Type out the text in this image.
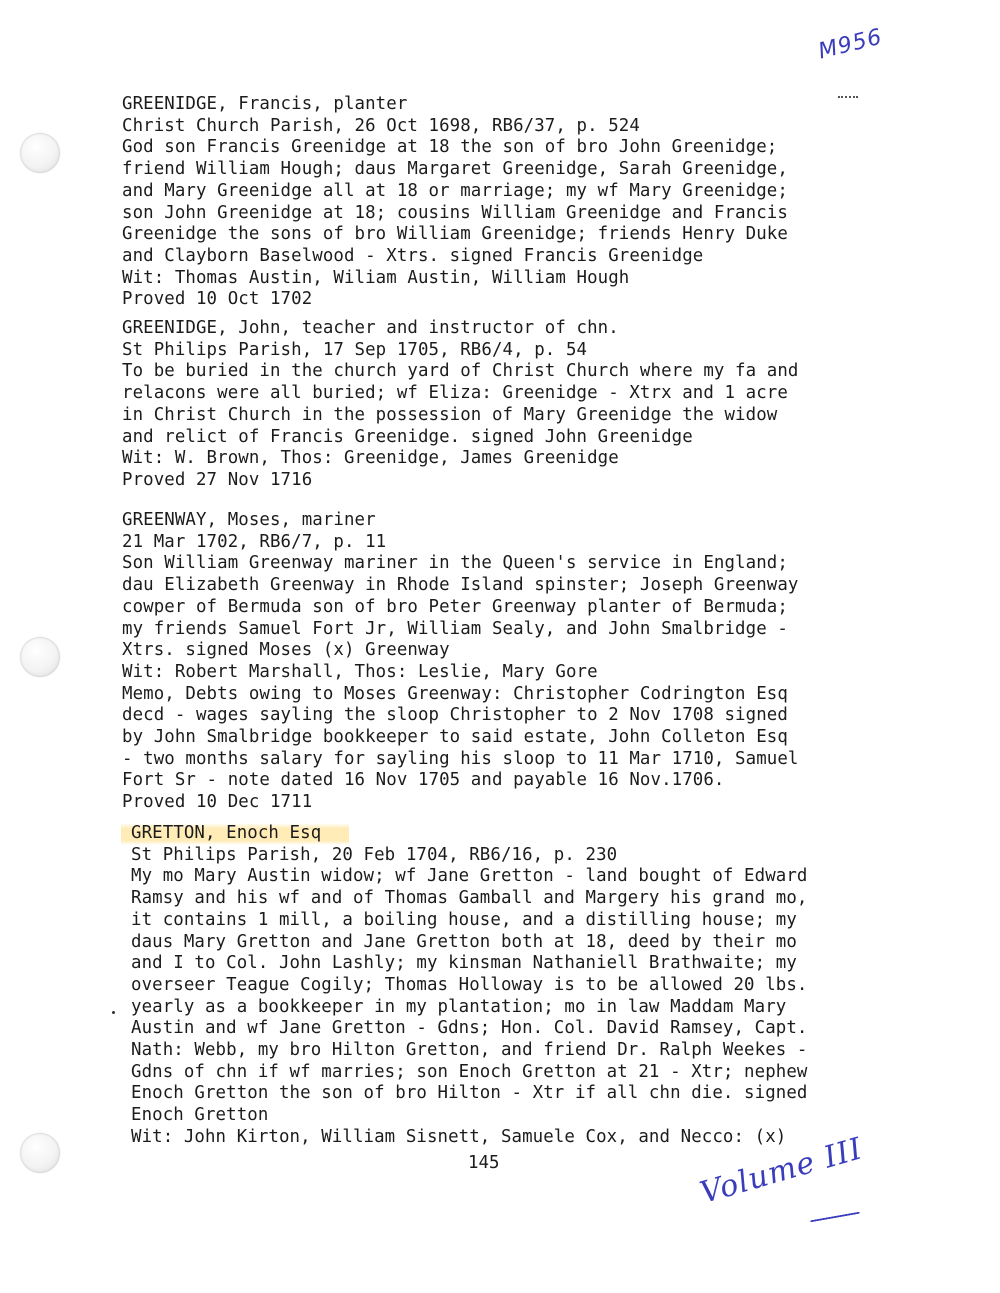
M956
GREENIDGE, Francis, planter
Christ Church Parish, 26 Oct 1698, RB6/37, p. 524
God son Francis Greenidge at 18 the son of bro John Greenidge;
friend William Hough; daus Margaret Greenidge, Sarah Greenidge,
and Mary Greenidge all at 18 or marriage; my wf Mary Greenidge;
son John Greenidge at 18; cousins William Greenidge and Francis
Greenidge the sons of bro William Greenidge; friends Henry Duke
and Clayborn Baselwood - Xtrs. signed Francis Greenidge
Wit: Thomas Austin, Wiliam Austin, William Hough
Proved 10 Oct 1702
GREENIDGE, John, teacher and instructor of chn.
St Philips Parish, 17 Sep 1705, RB6/4, p. 54
To be buried in the church yard of Christ Church where my fa and
relacons were all buried; wf Eliza: Greenidge - Xtrx and 1 acre
in Christ Church in the possession of Mary Greenidge the widow
and relict of Francis Greenidge. signed John Greenidge
Wit: W. Brown, Thos: Greenidge, James Greenidge
Proved 27 Nov 1716
GREENWAY, Moses, mariner
21 Mar 1702, RB6/7, p. 11
Son William Greenway mariner in the Queen's service in England;
dau Elizabeth Greenway in Rhode Island spinster; Joseph Greenway
cowper of Bermuda son of bro Peter Greenway planter of Bermuda;
my friends Samuel Fort Jr, William Sealy, and John Smalbridge -
Xtrs. signed Moses (x) Greenway
Wit: Robert Marshall, Thos: Leslie, Mary Gore
Memo, Debts owing to Moses Greenway: Christopher Codrington Esq
decd - wages sayling the sloop Christopher to 2 Nov 1708 signed
by John Smalbridge bookkeeper to said estate, John Colleton Esq
- two months salary for sayling his sloop to 11 Mar 1710, Samuel
Fort Sr - note dated 16 Nov 1705 and payable 16 Nov.1706.
Proved 10 Dec 1711
GRETTON, Enoch Esq
St Philips Parish, 20 Feb 1704, RB6/16, p. 230
My mo Mary Austin widow; wf Jane Gretton - land bought of Edward
Ramsy and his wf and of Thomas Gamball and Margery his grand mo,
it contains 1 mill, a boiling house, and a distilling house; my
daus Mary Gretton and Jane Gretton both at 18, deed by their mo
and I to Col. John Lashly; my kinsman Nathaniell Brathwaite; my
overseer Teague Cogily; Thomas Holloway is to be allowed 20 lbs.
yearly as a bookkeeper in my plantation; mo in law Maddam Mary
Austin and wf Jane Gretton - Gdns; Hon. Col. David Ramsey, Capt.
Nath: Webb, my bro Hilton Gretton, and friend Dr. Ralph Weekes -
Gdns of chn if wf marries; son Enoch Gretton at 21 - Xtr; nephew
Enoch Gretton the son of bro Hilton - Xtr if all chn die. signed
Enoch Gretton
Wit: John Kirton, William Sisnett, Samuele Cox, and Necco: (x)
145	Volume III
